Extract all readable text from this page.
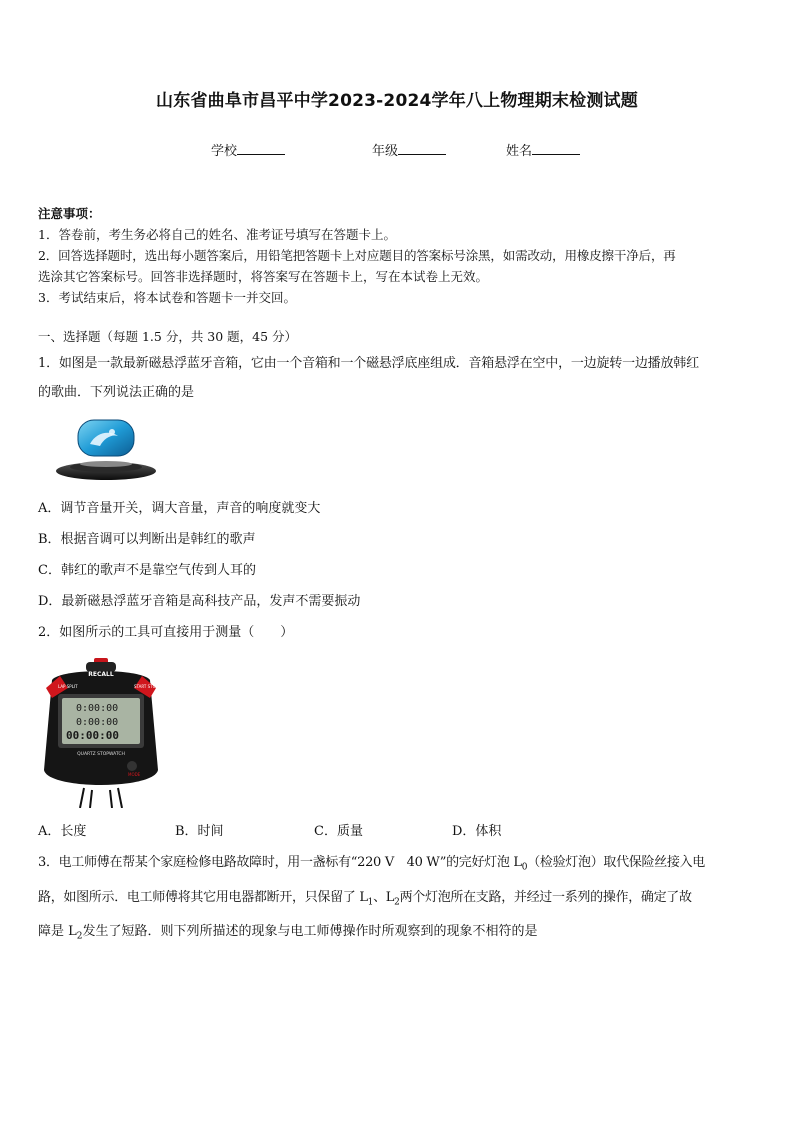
山东省曲阜市昌平中学2023-2024学年八上物理期末检测试题
学校	年级	姓名
注意事项：
1．答卷前，考生务必将自己的姓名、准考证号填写在答题卡上。
2．回答选择题时，选出每小题答案后，用铅笔把答题卡上对应题目的答案标号涂黑，如需改动，用橡皮擦干净后，再
选涂其它答案标号。回答非选择题时，将答案写在答题卡上，写在本试卷上无效。
3．考试结束后，将本试卷和答题卡一并交回。
一、选择题（每题 1.5 分，共 30 题，45 分）
1．如图是一款最新磁悬浮蓝牙音箱，它由一个音箱和一个磁悬浮底座组成．音箱悬浮在空中，一边旋转一边播放韩红
的歌曲．下列说法正确的是
A．调节音量开关，调大音量，声音的响度就变大
B．根据音调可以判断出是韩红的歌声
C．韩红的歌声不是靠空气传到人耳的
D．最新磁悬浮蓝牙音箱是高科技产品，发声不需要振动
2．如图所示的工具可直接用于测量（　　）
RECALL
LAP SPLIT	START STOP
0:00:00
0:00:00
00:00:00
QUARTZ STOPWATCH
MODE
A．长度	B．时间	C．质量	D．体积
3．电工师傅在帮某个家庭检修电路故障时，用一盏标有“220 V　40 W”的完好灯泡 $L_0$（检验灯泡）取代保险丝接入电
路，如图所示．电工师傅将其它用电器都断开，只保留了 $L_1$、$L_2$两个灯泡所在支路，并经过一系列的操作，确定了故
障是 $L_2$发生了短路．则下列所描述的现象与电工师傅操作时所观察到的现象不相符的是
